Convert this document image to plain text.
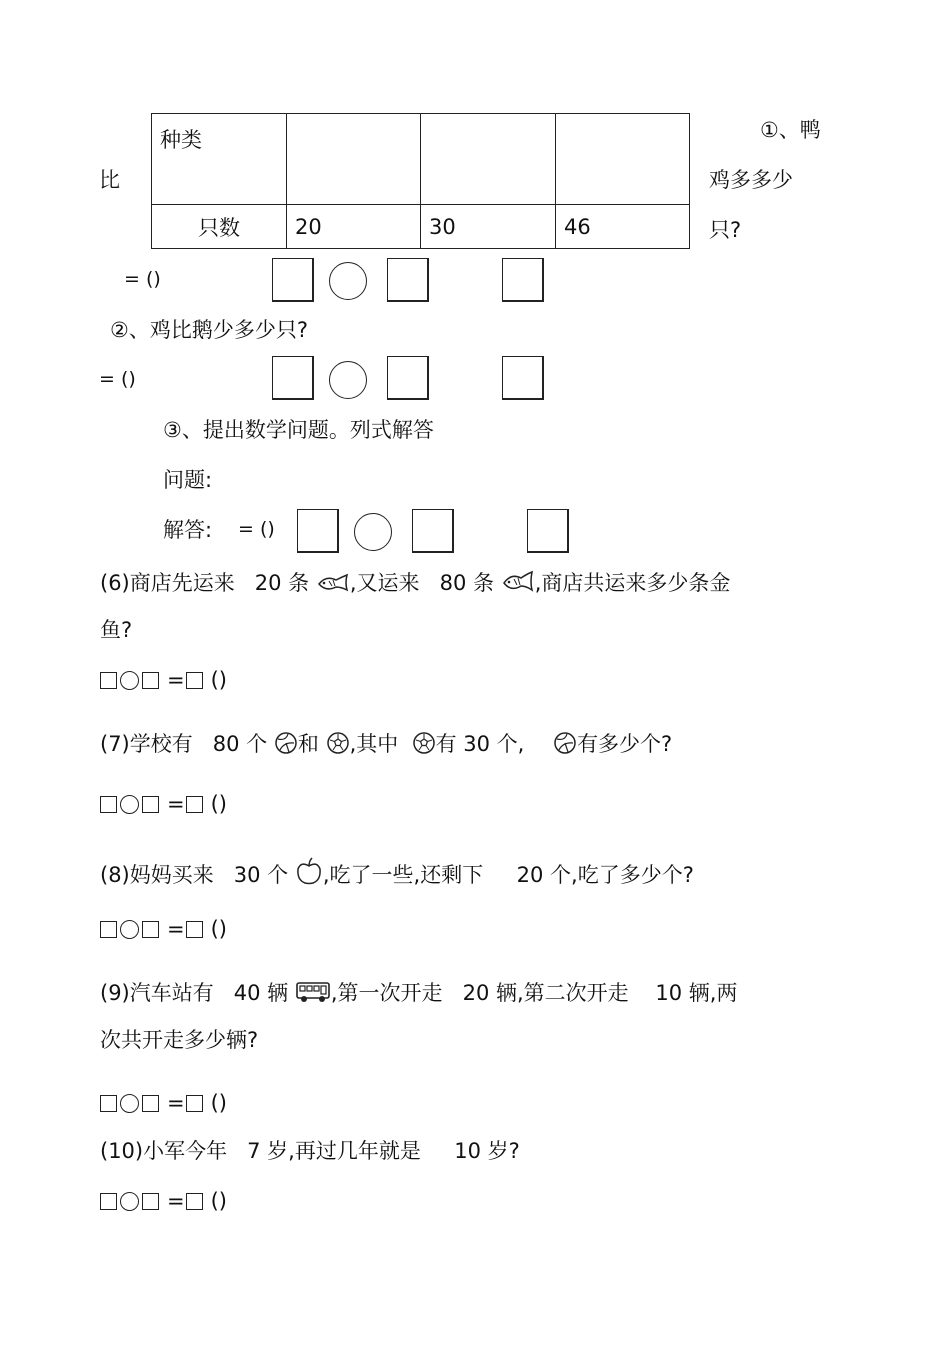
种类			

只数	20	30	46
比
①、鸭
鸡多多少
只?
= ()
②、鸡比鹅少多少只?
= ()
③、提出数学问题。列式解答
问题:
解答: = ()
(6)商店先运来 20 条 ,又运来 80 条 ,商店共运来多少条金
鱼?
= ()
(7)学校有 80 个 和 ,其中 有 30 个,	有多少个?
= ()
(8)妈妈买来 30 个 ,吃了一些,还剩下 20 个,吃了多少个?
= ()
(9)汽车站有 40 辆 ,第一次开走 20 辆,第二次开走 10 辆,两
次共开走多少辆?
= ()
(10)小军今年 7 岁,再过几年就是 10 岁?
= ()
